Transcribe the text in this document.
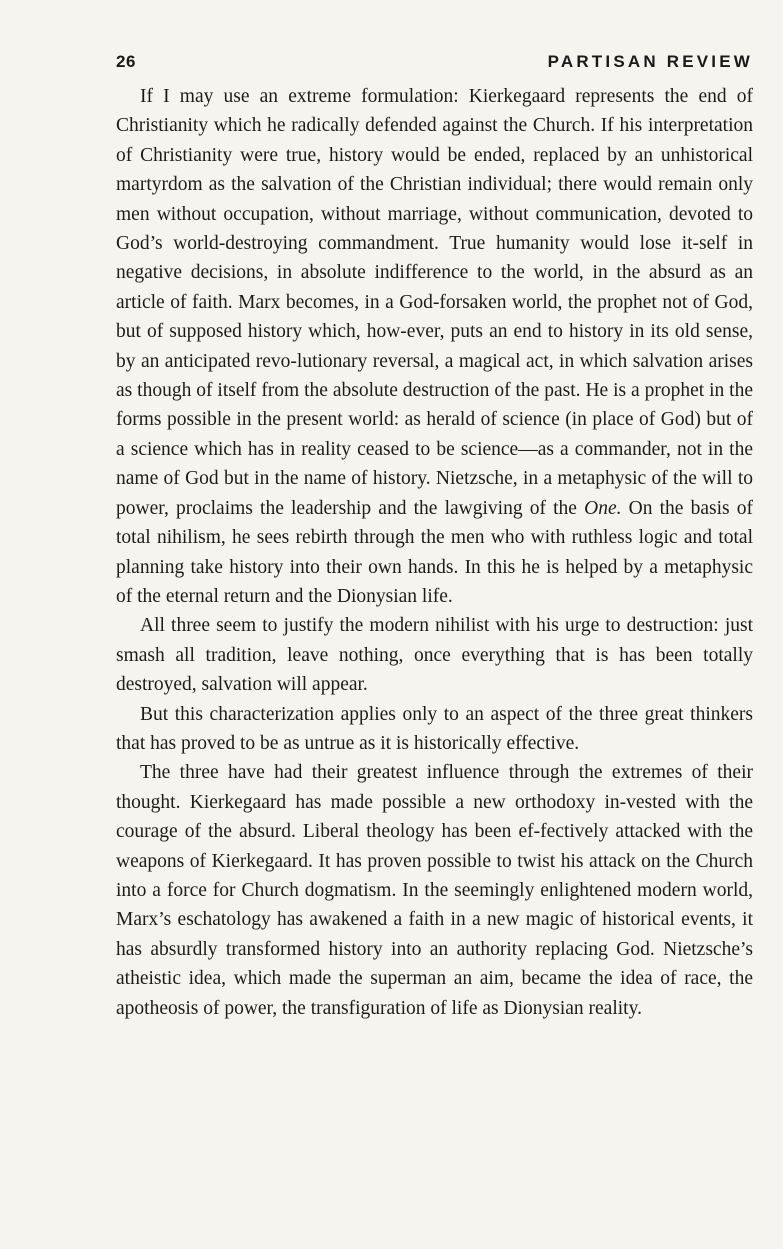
26	PARTISAN REVIEW

If I may use an extreme formulation: Kierkegaard represents the end of Christianity which he radically defended against the Church. If his interpretation of Christianity were true, history would be ended, replaced by an unhistorical martyrdom as the salvation of the Christian individual; there would remain only men without occupation, without marriage, without communication, devoted to God’s world-destroying commandment. True humanity would lose it-self in negative decisions, in absolute indifference to the world, in the absurd as an article of faith. Marx becomes, in a God-forsaken world, the prophet not of God, but of supposed history which, how-ever, puts an end to history in its old sense, by an anticipated revo-lutionary reversal, a magical act, in which salvation arises as though of itself from the absolute destruction of the past. He is a prophet in the forms possible in the present world: as herald of science (in place of God) but of a science which has in reality ceased to be science—as a commander, not in the name of God but in the name of history. Nietzsche, in a metaphysic of the will to power, proclaims the leadership and the lawgiving of the One. On the basis of total nihilism, he sees rebirth through the men who with ruthless logic and total planning take history into their own hands. In this he is helped by a metaphysic of the eternal return and the Dionysian life.

All three seem to justify the modern nihilist with his urge to destruction: just smash all tradition, leave nothing, once everything that is has been totally destroyed, salvation will appear.

But this characterization applies only to an aspect of the three great thinkers that has proved to be as untrue as it is historically effective.

The three have had their greatest influence through the extremes of their thought. Kierkegaard has made possible a new orthodoxy in-vested with the courage of the absurd. Liberal theology has been ef-fectively attacked with the weapons of Kierkegaard. It has proven possible to twist his attack on the Church into a force for Church dogmatism. In the seemingly enlightened modern world, Marx’s eschatology has awakened a faith in a new magic of historical events, it has absurdly transformed history into an authority replacing God. Nietzsche’s atheistic idea, which made the superman an aim, became the idea of race, the apotheosis of power, the transfiguration of life as Dionysian reality.
